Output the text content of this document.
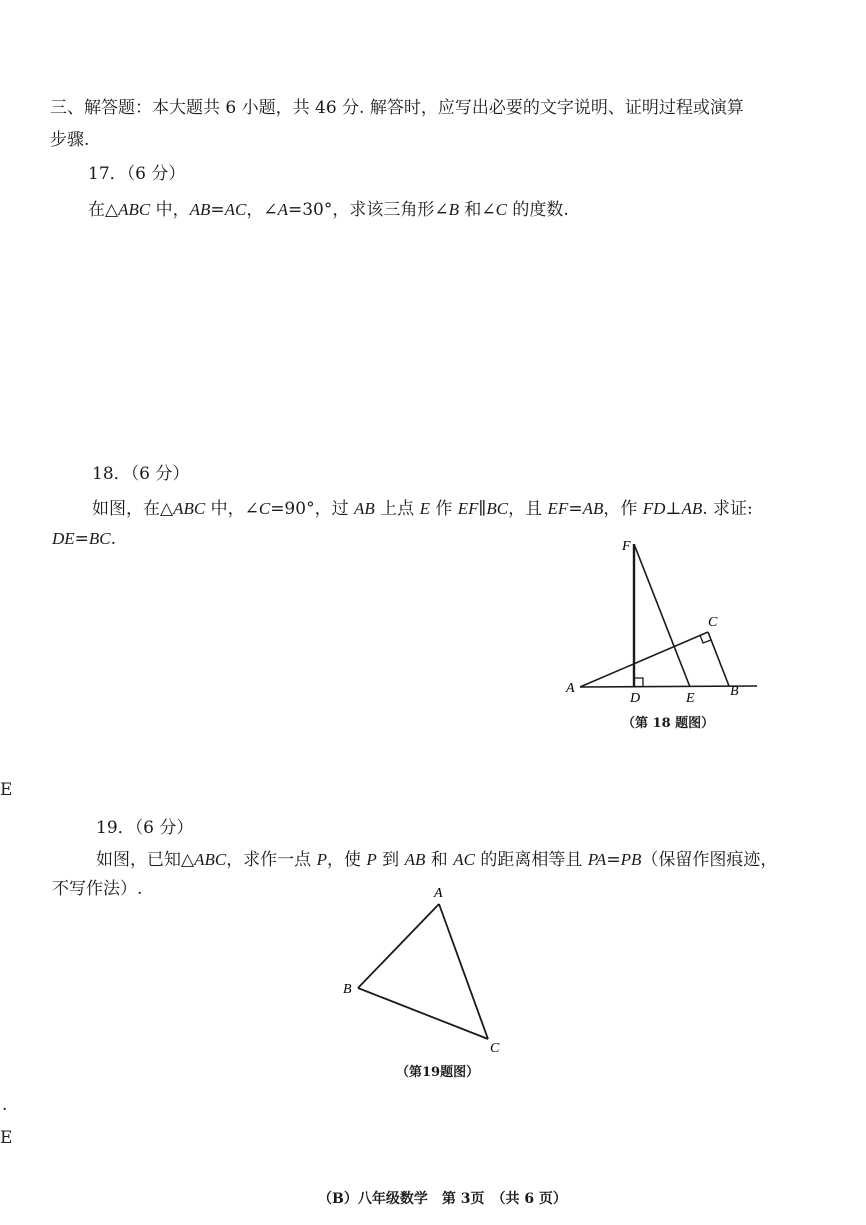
三、解答题：本大题共 6 小题，共 46 分. 解答时，应写出必要的文字说明、证明过程或演算
步骤.
17．（6 分）
在△ABC 中，AB=AC，∠A=30°，求该三角形∠B 和∠C 的度数.
18．（6 分）
如图，在△ABC 中，∠C=90°，过 AB 上点 E 作 EF∥BC，且 EF=AB，作 FD⊥AB. 求证:
DE=BC.	F
C
A
D	E	B
（第 18 题图）
19．（6 分）
如图，已知△ABC，求作一点 P，使 P 到 AB 和 AC 的距离相等且 PA=PB（保留作图痕迹，
不写作法）.	A
B
C
（第19题图）
E
.
E
（B）八年级数学　第 3页　（共 6 页）
